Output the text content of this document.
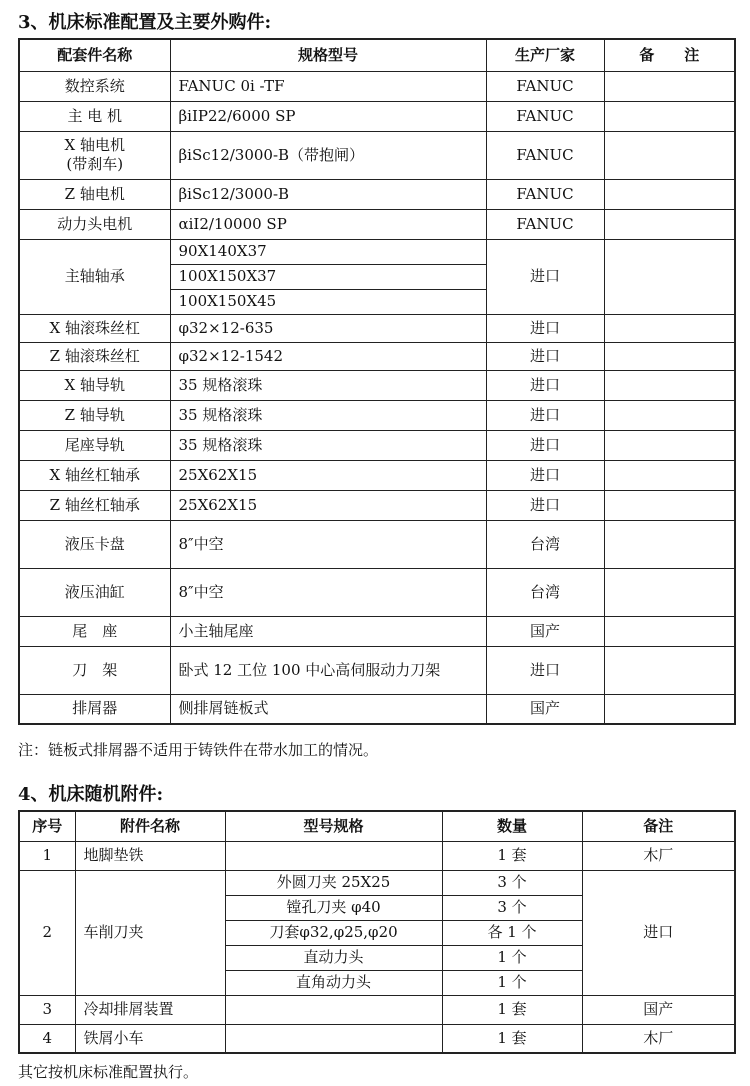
3、机床标准配置及主要外购件:
配套件名称	规格型号	生产厂家	备　　注
数控系统	FANUC 0i -TF	FANUC	
主 电 机	βiIP22/6000 SP	FANUC	
X 轴电机
(带刹车)	βiSc12/3000-B（带抱闸）	FANUC	
Z 轴电机	βiSc12/3000-B	FANUC	
动力头电机	αiI2/10000 SP	FANUC	
主轴轴承	90X140X37	进口	
	100X150X37		
	100X150X45		
X 轴滚珠丝杠	φ32×12-635	进口	
Z 轴滚珠丝杠	φ32×12-1542	进口	
X 轴导轨	35 规格滚珠	进口	
Z 轴导轨	35 规格滚珠	进口	
尾座导轨	35 规格滚珠	进口	
X 轴丝杠轴承	25X62X15	进口	
Z 轴丝杠轴承	25X62X15	进口	
液压卡盘	8″中空	台湾	
液压油缸	8″中空	台湾	
尾　座	小主轴尾座	国产	
刀　架	卧式 12 工位 100 中心高伺服动力刀架	进口	
排屑器	侧排屑链板式	国产	
注：链板式排屑器不适用于铸铁件在带水加工的情况。
4、机床随机附件:
序号	附件名称	型号规格	数量	备注
1	地脚垫铁		1 套	木厂
2	车削刀夹	外圆刀夹 25X25	3 个	进口
		镗孔刀夹 φ40	3 个	
		刀套φ32,φ25,φ20	各 1 个	
		直动力头	1 个	
		直角动力头	1 个	
3	冷却排屑装置		1 套	国产
4	铁屑小车		1 套	木厂
其它按机床标准配置执行。
